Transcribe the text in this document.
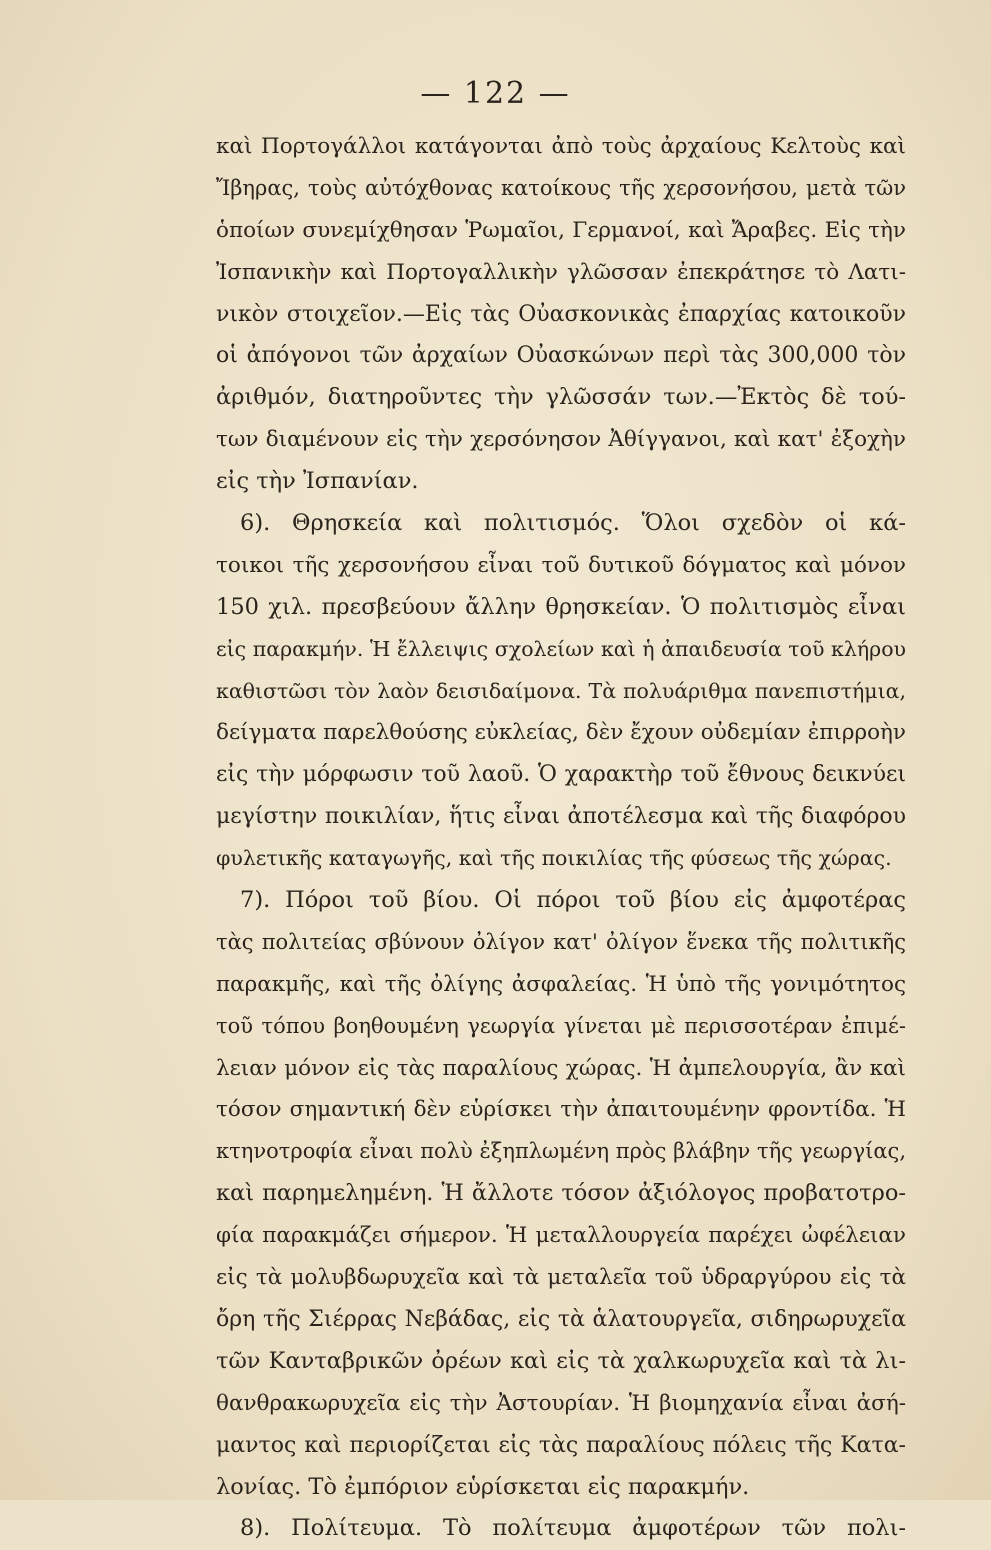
— 122 —
καὶ Πορτογάλλοι κατάγονται ἀπὸ τοὺς ἀρχαίους Κελτοὺς καὶ
Ἴβηρας, τοὺς αὐτόχθονας κατοίκους τῆς χερσονήσου, μετὰ τῶν
ὁποίων συνεμίχθησαν Ῥωμαῖοι, Γερμανοί, καὶ Ἄραβες. Εἰς τὴν
Ἰσπανικὴν καὶ Πορτογαλλικὴν γλῶσσαν ἐπεκράτησε τὸ Λατι-
νικὸν στοιχεῖον.—Εἰς τὰς Οὐασκονικὰς ἐπαρχίας κατοικοῦν
οἱ ἀπόγονοι τῶν ἀρχαίων Οὐασκώνων περὶ τὰς 300,000 τὸν
ἀριθμόν, διατηροῦντες τὴν γλῶσσάν των.—Ἐκτὸς δὲ τού-
των διαμένουν εἰς τὴν χερσόνησον Ἀθίγγανοι, καὶ κατ' ἐξοχὴν
εἰς τὴν Ἰσπανίαν.
6). Θρησκεία καὶ πολιτισμός. Ὅλοι σχεδὸν οἱ κά-
τοικοι τῆς χερσονήσου εἶναι τοῦ δυτικοῦ δόγματος καὶ μόνον
150 χιλ. πρεσβεύουν ἄλλην θρησκείαν. Ὁ πολιτισμὸς εἶναι
εἰς παρακμήν. Ἡ ἔλλειψις σχολείων καὶ ἡ ἀπαιδευσία τοῦ κλήρου
καθιστῶσι τὸν λαὸν δεισιδαίμονα. Τὰ πολυάριθμα πανεπιστήμια,
δείγματα παρελθούσης εὐκλείας, δὲν ἔχουν οὐδεμίαν ἐπιρροὴν
εἰς τὴν μόρφωσιν τοῦ λαοῦ. Ὁ χαρακτὴρ τοῦ ἔθνους δεικνύει
μεγίστην ποικιλίαν, ἥτις εἶναι ἀποτέλεσμα καὶ τῆς διαφόρου
φυλετικῆς καταγωγῆς, καὶ τῆς ποικιλίας τῆς φύσεως τῆς χώρας.
7). Πόροι τοῦ βίου. Οἱ πόροι τοῦ βίου εἰς ἀμφοτέρας
τὰς πολιτείας σβύνουν ὀλίγον κατ' ὀλίγον ἕνεκα τῆς πολιτικῆς
παρακμῆς, καὶ τῆς ὀλίγης ἀσφαλείας. Ἡ ὑπὸ τῆς γονιμότητος
τοῦ τόπου βοηθουμένη γεωργία γίνεται μὲ περισσοτέραν ἐπιμέ-
λειαν μόνον εἰς τὰς παραλίους χώρας. Ἡ ἀμπελουργία, ἂν καὶ
τόσον σημαντική δὲν εὑρίσκει τὴν ἀπαιτουμένην φροντίδα. Ἡ
κτηνοτροφία εἶναι πολὺ ἐξηπλωμένη πρὸς βλάβην τῆς γεωργίας,
καὶ παρημελημένη. Ἡ ἄλλοτε τόσον ἀξιόλογος προβατοτρο-
φία παρακμάζει σήμερον. Ἡ μεταλλουργεία παρέχει ὠφέλειαν
εἰς τὰ μολυβδωρυχεῖα καὶ τὰ μεταλεῖα τοῦ ὑδραργύρου εἰς τὰ
ὄρη τῆς Σιέρρας Νεβάδας, εἰς τὰ ἁλατουργεῖα, σιδηρωρυχεῖα
τῶν Κανταβρικῶν ὀρέων καὶ εἰς τὰ χαλκωρυχεῖα καὶ τὰ λι-
θανθρακωρυχεῖα εἰς τὴν Ἀστουρίαν. Ἡ βιομηχανία εἶναι ἀσή-
μαντος καὶ περιορίζεται εἰς τὰς παραλίους πόλεις τῆς Κατα-
λονίας. Τὸ ἐμπόριον εὑρίσκεται εἰς παρακμήν.
8). Πολίτευμα. Τὸ πολίτευμα ἀμφοτέρων τῶν πολι-
